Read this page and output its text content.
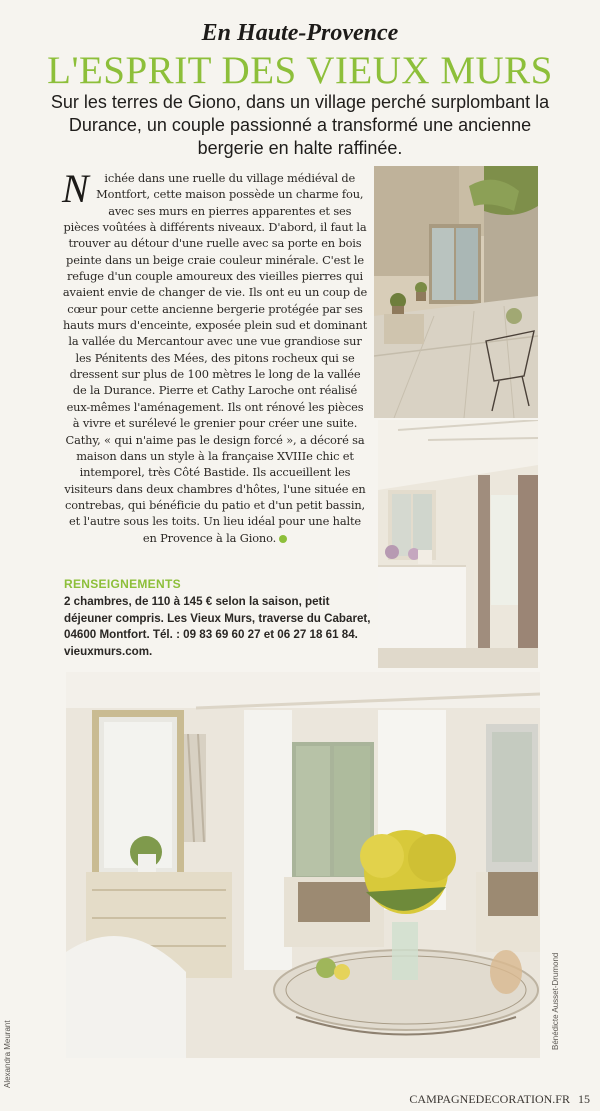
En Haute-Provence
L'ESPRIT DES VIEUX MURS
Sur les terres de Giono, dans un village perché surplombant la Durance, un couple passionné a transformé une ancienne bergerie en halte raffinée.
N ichée dans une ruelle du village médiéval de Montfort, cette maison possède un charme fou, avec ses murs en pierres apparentes et ses pièces voûtées à différents niveaux. D'abord, il faut la trouver au détour d'une ruelle avec sa porte en bois peinte dans un beige craie couleur minérale. C'est le refuge d'un couple amoureux des vieilles pierres qui avaient envie de changer de vie. Ils ont eu un coup de cœur pour cette ancienne bergerie protégée par ses hauts murs d'enceinte, exposée plein sud et dominant la vallée du Mercantour avec une vue grandiose sur les Pénitents des Mées, des pitons rocheux qui se dressent sur plus de 100 mètres le long de la vallée de la Durance. Pierre et Cathy Laroche ont réalisé eux-mêmes l'aménagement. Ils ont rénové les pièces à vivre et surélevé le grenier pour créer une suite. Cathy, « qui n'aime pas le design forcé », a décoré sa maison dans un style à la française XVIIIe chic et intemporel, très Côté Bastide. Ils accueillent les visiteurs dans deux chambres d'hôtes, l'une située en contrebas, qui bénéficie du patio et d'un petit bassin, et l'autre sous les toits. Un lieu idéal pour une halte en Provence à la Giono.
RENSEIGNEMENTS
2 chambres, de 110 à 145 € selon la saison, petit déjeuner compris. Les Vieux Murs, traverse du Cabaret, 04600 Montfort. Tél. : 09 83 69 60 27 et 06 27 18 61 84. vieuxmurs.com.
Alexandra Meurant
Bénédicte Ausset-Drumond
CAMPAGNEDECORATION.FR 15
